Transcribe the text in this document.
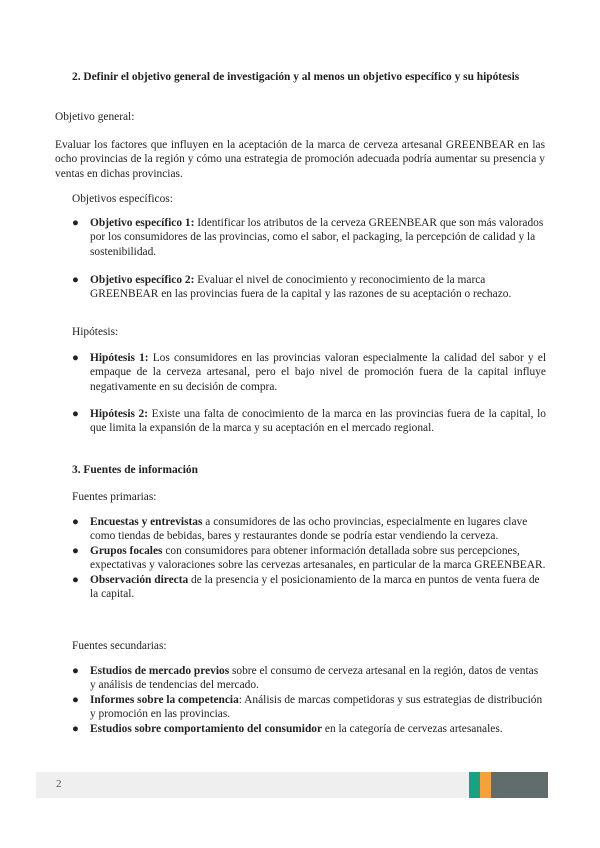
2. Definir el objetivo general de investigación y al menos un objetivo específico y su hipótesis
Objetivo general:
Evaluar los factores que influyen en la aceptación de la marca de cerveza artesanal GREENBEAR en las ocho provincias de la región y cómo una estrategia de promoción adecuada podría aumentar su presencia y ventas en dichas provincias.
Objetivos específicos:
● Objetivo específico 1: Identificar los atributos de la cerveza GREENBEAR que son más valorados por los consumidores de las provincias, como el sabor, el packaging, la percepción de calidad y la sostenibilidad.
● Objetivo específico 2: Evaluar el nivel de conocimiento y reconocimiento de la marca GREENBEAR en las provincias fuera de la capital y las razones de su aceptación o rechazo.
Hipótesis:
● Hipótesis 1: Los consumidores en las provincias valoran especialmente la calidad del sabor y el empaque de la cerveza artesanal, pero el bajo nivel de promoción fuera de la capital influye negativamente en su decisión de compra.
● Hipótesis 2: Existe una falta de conocimiento de la marca en las provincias fuera de la capital, lo que limita la expansión de la marca y su aceptación en el mercado regional.
3. Fuentes de información
Fuentes primarias:
● Encuestas y entrevistas a consumidores de las ocho provincias, especialmente en lugares clave como tiendas de bebidas, bares y restaurantes donde se podría estar vendiendo la cerveza.
● Grupos focales con consumidores para obtener información detallada sobre sus percepciones, expectativas y valoraciones sobre las cervezas artesanales, en particular de la marca GREENBEAR.
● Observación directa de la presencia y el posicionamiento de la marca en puntos de venta fuera de la capital.
Fuentes secundarias:
● Estudios de mercado previos sobre el consumo de cerveza artesanal en la región, datos de ventas y análisis de tendencias del mercado.
● Informes sobre la competencia: Análisis de marcas competidoras y sus estrategias de distribución y promoción en las provincias.
● Estudios sobre comportamiento del consumidor en la categoría de cervezas artesanales.
2
